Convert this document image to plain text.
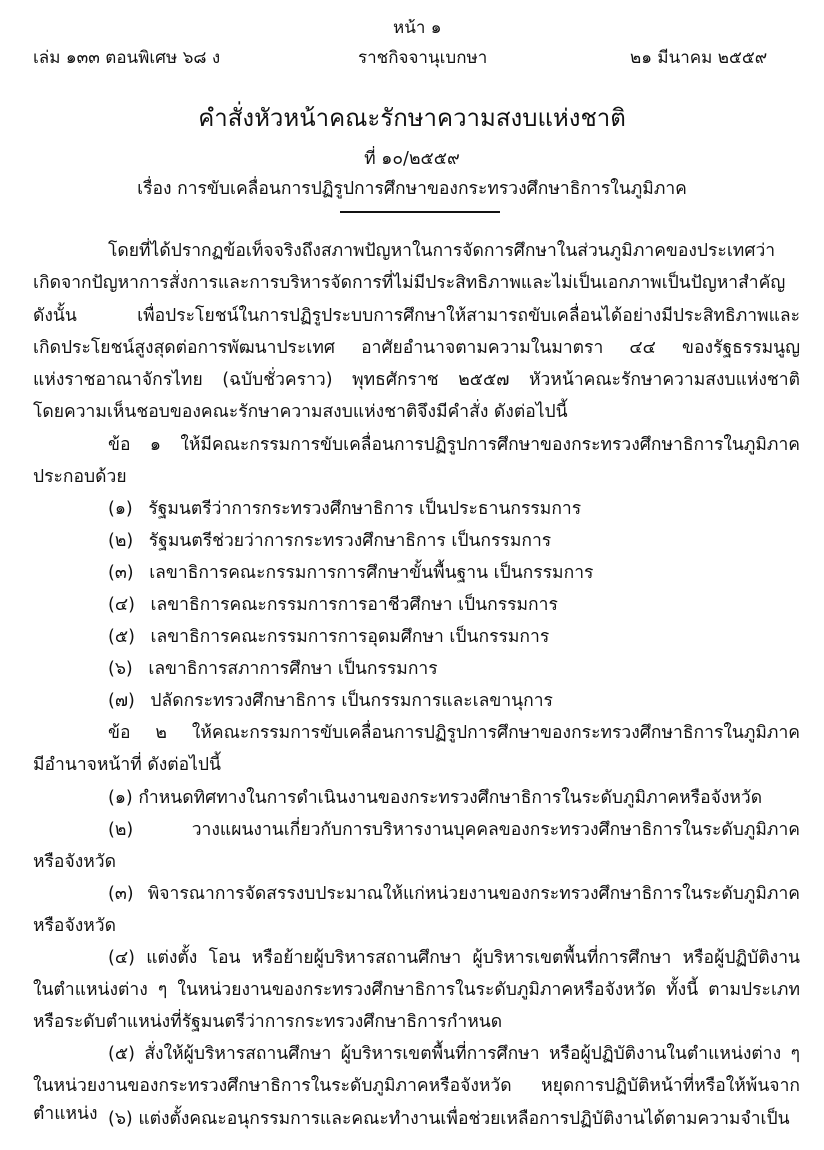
หน้า ๑
เล่ม ๑๓๓ ตอนพิเศษ ๖๘ ง	ราชกิจจานุเบกษา	๒๑ มีนาคม ๒๕๕๙
คำสั่งหัวหน้าคณะรักษาความสงบแห่งชาติ
ที่ ๑๐/๒๕๕๙
เรื่อง การขับเคลื่อนการปฏิรูปการศึกษาของกระทรวงศึกษาธิการในภูมิภาค
โดยที่ได้ปรากฏข้อเท็จจริงถึงสภาพปัญหาในการจัดการศึกษาในส่วนภูมิภาคของประเทศว่า
เกิดจากปัญหาการสั่งการและการบริหารจัดการที่ไม่มีประสิทธิภาพและไม่เป็นเอกภาพเป็นปัญหาสำคัญ
ดังนั้น เพื่อประโยชน์ในการปฏิรูประบบการศึกษาให้สามารถขับเคลื่อนได้อย่างมีประสิทธิภาพและ
เกิดประโยชน์สูงสุดต่อการพัฒนาประเทศ อาศัยอำนาจตามความในมาตรา ๔๔ ของรัฐธรรมนูญ
แห่งราชอาณาจักรไทย (ฉบับชั่วคราว) พุทธศักราช ๒๕๕๗ หัวหน้าคณะรักษาความสงบแห่งชาติ
โดยความเห็นชอบของคณะรักษาความสงบแห่งชาติจึงมีคำสั่ง ดังต่อไปนี้
ข้อ ๑ ให้มีคณะกรรมการขับเคลื่อนการปฏิรูปการศึกษาของกระทรวงศึกษาธิการในภูมิภาค
ประกอบด้วย
(๑) รัฐมนตรีว่าการกระทรวงศึกษาธิการ เป็นประธานกรรมการ
(๒) รัฐมนตรีช่วยว่าการกระทรวงศึกษาธิการ เป็นกรรมการ
(๓) เลขาธิการคณะกรรมการการศึกษาขั้นพื้นฐาน เป็นกรรมการ
(๔) เลขาธิการคณะกรรมการการอาชีวศึกษา เป็นกรรมการ
(๕) เลขาธิการคณะกรรมการการอุดมศึกษา เป็นกรรมการ
(๖) เลขาธิการสภาการศึกษา เป็นกรรมการ
(๗) ปลัดกระทรวงศึกษาธิการ เป็นกรรมการและเลขานุการ
ข้อ ๒ ให้คณะกรรมการขับเคลื่อนการปฏิรูปการศึกษาของกระทรวงศึกษาธิการในภูมิภาค
มีอำนาจหน้าที่ ดังต่อไปนี้
(๑) กำหนดทิศทางในการดำเนินงานของกระทรวงศึกษาธิการในระดับภูมิภาคหรือจังหวัด
(๒) วางแผนงานเกี่ยวกับการบริหารงานบุคคลของกระทรวงศึกษาธิการในระดับภูมิภาค
หรือจังหวัด
(๓) พิจารณาการจัดสรรงบประมาณให้แก่หน่วยงานของกระทรวงศึกษาธิการในระดับภูมิภาค
หรือจังหวัด
(๔) แต่งตั้ง โอน หรือย้ายผู้บริหารสถานศึกษา ผู้บริหารเขตพื้นที่การศึกษา หรือผู้ปฏิบัติงาน
ในตำแหน่งต่าง ๆ ในหน่วยงานของกระทรวงศึกษาธิการในระดับภูมิภาคหรือจังหวัด ทั้งนี้ ตามประเภท
หรือระดับตำแหน่งที่รัฐมนตรีว่าการกระทรวงศึกษาธิการกำหนด
(๕) สั่งให้ผู้บริหารสถานศึกษา ผู้บริหารเขตพื้นที่การศึกษา หรือผู้ปฏิบัติงานในตำแหน่งต่าง ๆ
ในหน่วยงานของกระทรวงศึกษาธิการในระดับภูมิภาคหรือจังหวัด หยุดการปฏิบัติหน้าที่หรือให้พ้นจากตำแหน่ง (๖) แต่งตั้งคณะอนุกรรมการและคณะทำงานเพื่อช่วยเหลือการปฏิบัติงานได้ตามความจำเป็น
